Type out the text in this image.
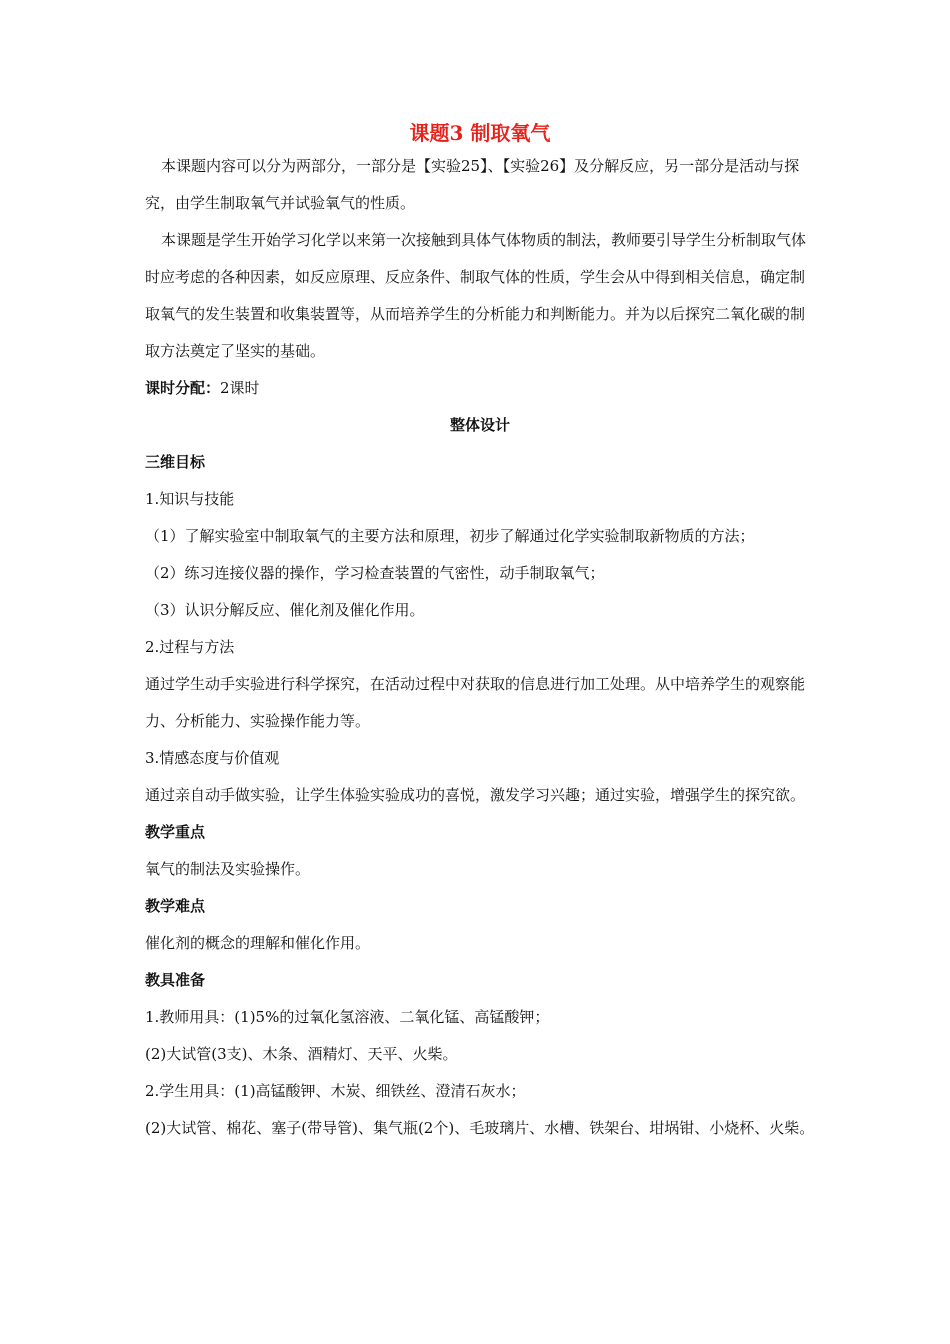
课题3 制取氧气

本课题内容可以分为两部分，一部分是【实验25】、【实验26】及分解反应，另一部分是活动与探究，由学生制取氧气并试验氧气的性质。

本课题是学生开始学习化学以来第一次接触到具体气体物质的制法，教师要引导学生分析制取气体时应考虑的各种因素，如反应原理、反应条件、制取气体的性质，学生会从中得到相关信息，确定制取氧气的发生装置和收集装置等，从而培养学生的分析能力和判断能力。并为以后探究二氧化碳的制取方法奠定了坚实的基础。

课时分配：2课时

整体设计

三维目标

1.知识与技能

（1）了解实验室中制取氧气的主要方法和原理，初步了解通过化学实验制取新物质的方法；

（2）练习连接仪器的操作，学习检查装置的气密性，动手制取氧气；

（3）认识分解反应、催化剂及催化作用。

2.过程与方法

通过学生动手实验进行科学探究，在活动过程中对获取的信息进行加工处理。从中培养学生的观察能力、分析能力、实验操作能力等。

3.情感态度与价值观

通过亲自动手做实验，让学生体验实验成功的喜悦，激发学习兴趣；通过实验，增强学生的探究欲。

教学重点

氧气的制法及实验操作。

教学难点

催化剂的概念的理解和催化作用。

教具准备

1.教师用具：(1)5%的过氧化氢溶液、二氧化锰、高锰酸钾；

(2)大试管(3支)、木条、酒精灯、天平、火柴。

2.学生用具：(1)高锰酸钾、木炭、细铁丝、澄清石灰水；

(2)大试管、棉花、塞子(带导管)、集气瓶(2个)、毛玻璃片、水槽、铁架台、坩埚钳、小烧杯、火柴。
